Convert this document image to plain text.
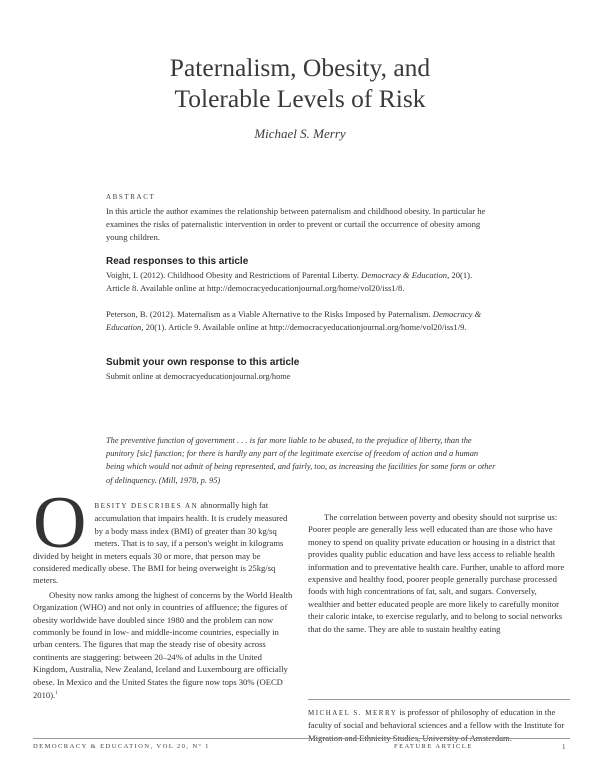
Paternalism, Obesity, and
Tolerable Levels of Risk
Michael S. Merry
ABSTRACT
In this article the author examines the relationship between paternalism and childhood obesity. In particular he examines the risks of paternalistic intervention in order to prevent or curtail the occurrence of obesity among young children.
Read responses to this article
Voight, I. (2012). Childhood Obesity and Restrictions of Parental Liberty. Democracy & Education, 20(1). Article 8. Available online at http://democracyeducationjournal.org/home/vol20/iss1/8.
Peterson, B. (2012). Maternalism as a Viable Alternative to the Risks Imposed by Paternalism. Democracy & Education, 20(1). Article 9. Available online at http://democracyeducationjournal.org/home/vol20/iss1/9.
Submit your own response to this article
Submit online at democracyeducationjournal.org/home
The preventive function of government . . . is far more liable to be abused, to the prejudice of liberty, than the punitory [sic] function; for there is hardly any part of the legitimate exercise of freedom of action and a human being which would not admit of being represented, and fairly, too, as increasing the facilities for some form or other of delinquency. (Mill, 1978, p. 95)

O BESITY DESCRIBES AN abnormally high fat accumulation that impairs health. It is crudely measured by a body mass index (BMI) of greater than 30 kg/sq meters. That is to say, if a person's weight in kilograms divided by height in meters equals 30 or more, that person may be considered medically obese. The BMI for being overweight is 25kg/sq meters.

Obesity now ranks among the highest of concerns by the World Health Organization (WHO) and not only in countries of affluence; the figures of obesity worldwide have doubled since 1980 and the problem can now commonly be found in low- and middle-income countries, especially in urban centers. The figures that map the steady rise of obesity across continents are staggering: between 20–24% of adults in the United Kingdom, Australia, New Zealand, Iceland and Luxembourg are officially obese. In Mexico and the United States the figure now tops 30% (OECD 2010).$^1$

The correlation between poverty and obesity should not surprise us: Poorer people are generally less well educated than are those who have money to spend on quality private education or housing in a district that provides quality public education and have less access to reliable health information and to preventative health care. Further, unable to afford more expensive and healthy food, poorer people generally purchase processed foods with high concentrations of fat, salt, and sugars. Conversely, wealthier and better educated people are more likely to carefully monitor their caloric intake, to exercise regularly, and to belong to social networks that do the same. They are able to sustain healthy eating

MICHAEL S. MERRY is professor of philosophy of education in the faculty of social and behavioral sciences and a fellow with the Institute for Migration and Ethnicity Studies, University of Amsterdam.
DEMOCRACY & EDUCATION, VOL 20, Nº 1	FEATURE ARTICLE	1
